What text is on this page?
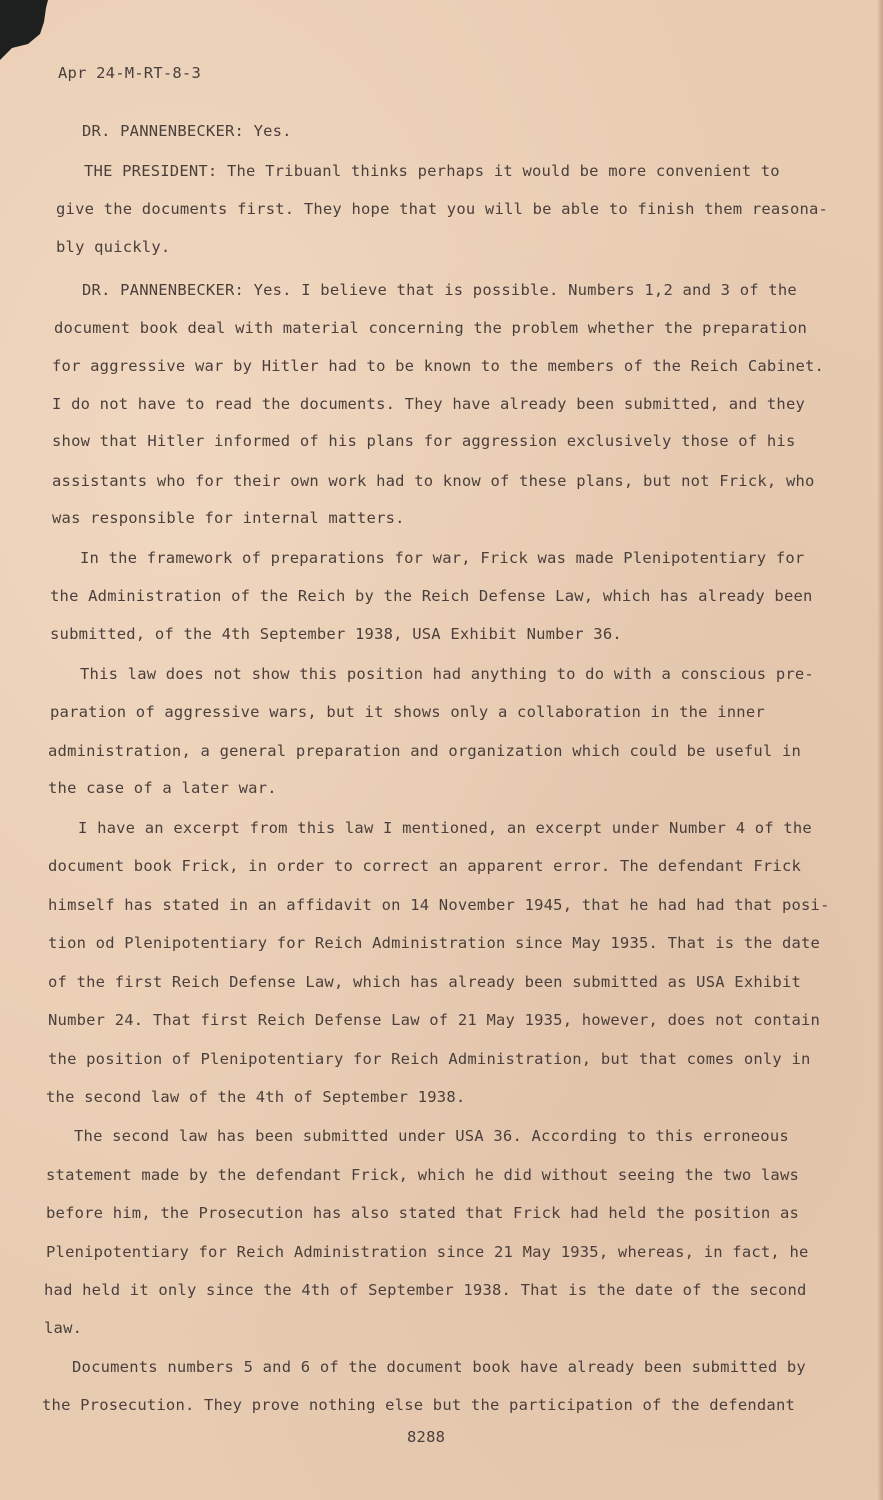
Apr 24-M-RT-8-3
DR. PANNENBECKER: Yes.
THE PRESIDENT: The Tribuanl thinks perhaps it would be more convenient to
give the documents first. They hope that you will be able to finish them reasona-
bly quickly.
DR. PANNENBECKER: Yes. I believe that is possible. Numbers 1,2 and 3 of the
document book deal with material concerning the problem whether the preparation
for aggressive war by Hitler had to be known to the members of the Reich Cabinet.
I do not have to read the documents. They have already been submitted, and they
show that Hitler informed of his plans for aggression exclusively those of his
assistants who for their own work had to know of these plans, but not Frick, who
was responsible for internal matters.
In the framework of preparations for war, Frick was made Plenipotentiary for
the Administration of the Reich by the Reich Defense Law, which has already been
submitted, of the 4th September 1938, USA Exhibit Number 36.
This law does not show this position had anything to do with a conscious pre-
paration of aggressive wars, but it shows only a collaboration in the inner
administration, a general preparation and organization which could be useful in
the case of a later war.
I have an excerpt from this law I mentioned, an excerpt under Number 4 of the
document book Frick, in order to correct an apparent error. The defendant Frick
himself has stated in an affidavit on 14 November 1945, that he had had that posi-
tion od Plenipotentiary for Reich Administration since May 1935. That is the date
of the first Reich Defense Law, which has already been submitted as USA Exhibit
Number 24. That first Reich Defense Law of 21 May 1935, however, does not contain
the position of Plenipotentiary for Reich Administration, but that comes only in
the second law of the 4th of September 1938.
The second law has been submitted under USA 36. According to this erroneous
statement made by the defendant Frick, which he did without seeing the two laws
before him, the Prosecution has also stated that Frick had held the position as
Plenipotentiary for Reich Administration since 21 May 1935, whereas, in fact, he
had held it only since the 4th of September 1938. That is the date of the second
law.
Documents numbers 5 and 6 of the document book have already been submitted by
the Prosecution. They prove nothing else but the participation of the defendant
8288
